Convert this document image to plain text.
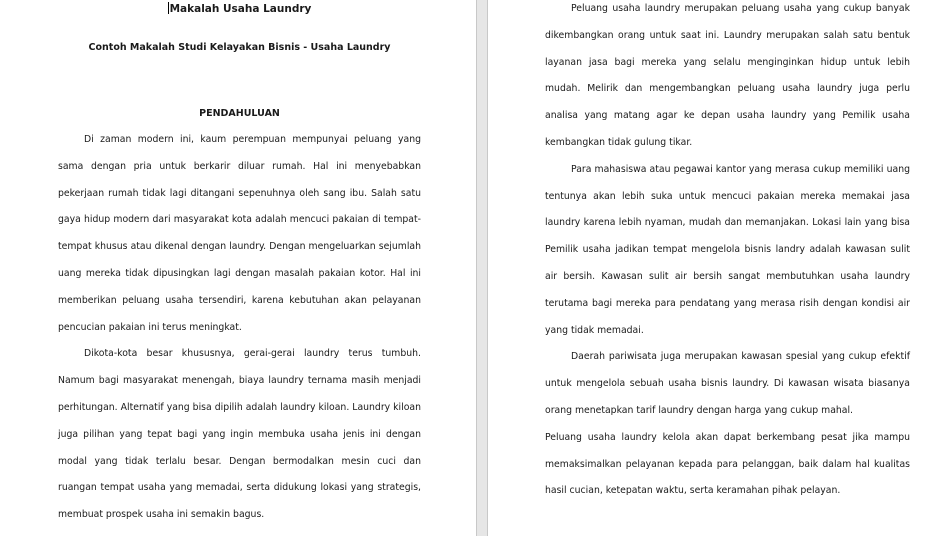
Makalah Usaha Laundry
Contoh Makalah Studi Kelayakan Bisnis - Usaha Laundry
PENDAHULUAN

Di zaman modern ini, kaum perempuan mempunyai peluang yang sama dengan pria untuk berkarir diluar rumah. Hal ini menyebabkan pekerjaan rumah tidak lagi ditangani sepenuhnya oleh sang ibu. Salah satu gaya hidup modern dari masyarakat kota adalah mencuci pakaian di tempat-tempat khusus atau dikenal dengan laundry. Dengan mengeluarkan sejumlah uang mereka tidak dipusingkan lagi dengan masalah pakaian kotor. Hal ini memberikan peluang usaha tersendiri, karena kebutuhan akan pelayanan pencucian pakaian ini terus meningkat.

Dikota-kota besar khususnya, gerai-gerai laundry terus tumbuh. Namum bagi masyarakat menengah, biaya laundry ternama masih menjadi perhitungan. Alternatif yang bisa dipilih adalah laundry kiloan. Laundry kiloan juga pilihan yang tepat bagi yang ingin membuka usaha jenis ini dengan modal yang tidak terlalu besar. Dengan bermodalkan mesin cuci dan ruangan tempat usaha yang memadai, serta didukung lokasi yang strategis, membuat prospek usaha ini semakin bagus.

Peluang usaha laundry merupakan peluang usaha yang cukup banyak dikembangkan orang untuk saat ini. Laundry merupakan salah satu bentuk layanan jasa bagi mereka yang selalu menginginkan hidup untuk lebih mudah. Melirik dan mengembangkan peluang usaha laundry juga perlu analisa yang matang agar ke depan usaha laundry yang Pemilik usaha kembangkan tidak gulung tikar.

Para mahasiswa atau pegawai kantor yang merasa cukup memiliki uang tentunya akan lebih suka untuk mencuci pakaian mereka memakai jasa laundry karena lebih nyaman, mudah dan memanjakan. Lokasi lain yang bisa Pemilik usaha jadikan tempat mengelola bisnis landry adalah kawasan sulit air bersih. Kawasan sulit air bersih sangat membutuhkan usaha laundry terutama bagi mereka para pendatang yang merasa risih dengan kondisi air yang tidak memadai.

Daerah pariwisata juga merupakan kawasan spesial yang cukup efektif untuk mengelola sebuah usaha bisnis laundry. Di kawasan wisata biasanya orang menetapkan tarif laundry dengan harga yang cukup mahal.

Peluang usaha laundry kelola akan dapat berkembang pesat jika mampu memaksimalkan pelayanan kepada para pelanggan, baik dalam hal kualitas hasil cucian, ketepatan waktu, serta keramahan pihak pelayan.
